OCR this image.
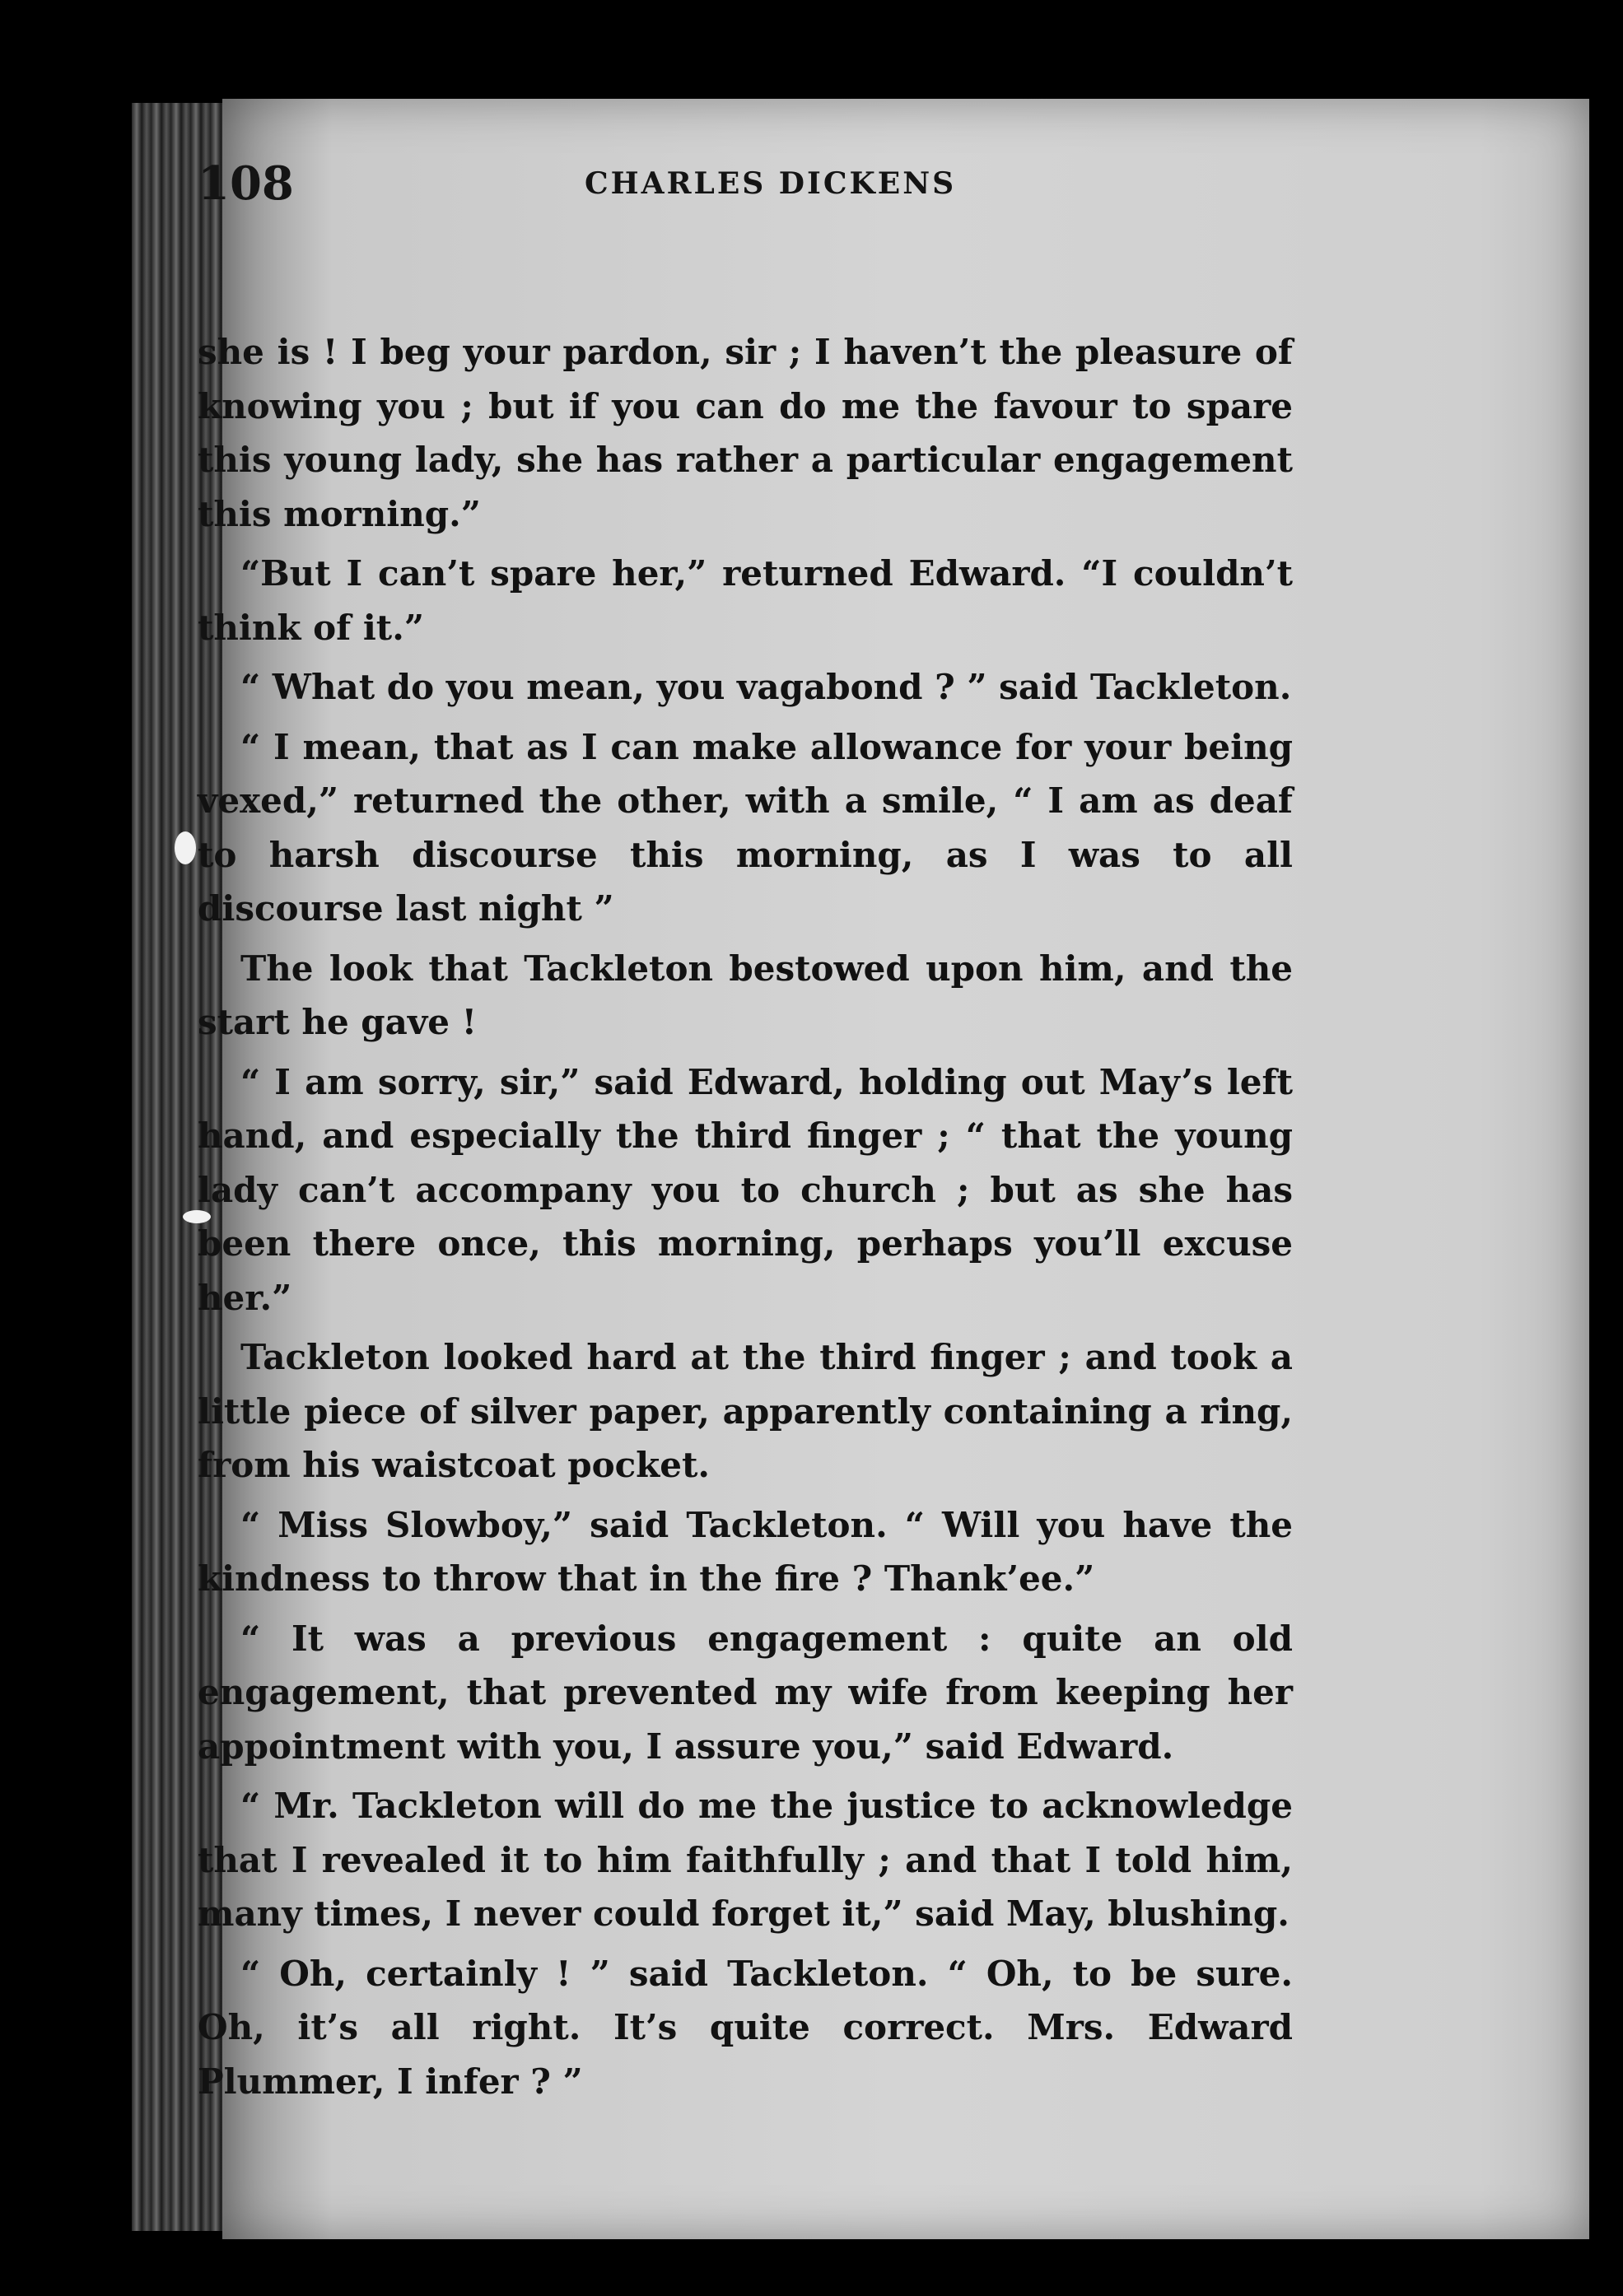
108	CHARLES DICKENS

she is ! I beg your pardon, sir ; I haven’t the pleasure of knowing you ; but if you can do me the favour to spare this young lady, she has rather a particular engagement this morning.”

“But I can’t spare her,” returned Edward. “I couldn’t think of it.”

“ What do you mean, you vagabond ? ” said Tackleton.

“ I mean, that as I can make allowance for your being vexed,” returned the other, with a smile, “ I am as deaf to harsh discourse this morning, as I was to all discourse last night ”

The look that Tackleton bestowed upon him, and the start he gave !

“ I am sorry, sir,” said Edward, holding out May’s left hand, and especially the third finger ; “ that the young lady can’t accompany you to church ; but as she has been there once, this morning, perhaps you’ll excuse her.”

Tackleton looked hard at the third finger ; and took a little piece of silver paper, apparently containing a ring, from his waistcoat pocket.

“ Miss Slowboy,” said Tackleton. “ Will you have the kindness to throw that in the fire ? Thank’ee.”

“ It was a previous engagement : quite an old engagement, that prevented my wife from keeping her appointment with you, I assure you,” said Edward.

“ Mr. Tackleton will do me the justice to acknowledge that I revealed it to him faithfully ; and that I told him, many times, I never could forget it,” said May, blushing.

“ Oh, certainly ! ” said Tackleton. “ Oh, to be sure. Oh, it’s all right. It’s quite correct. Mrs. Edward Plummer, I infer ? ”
